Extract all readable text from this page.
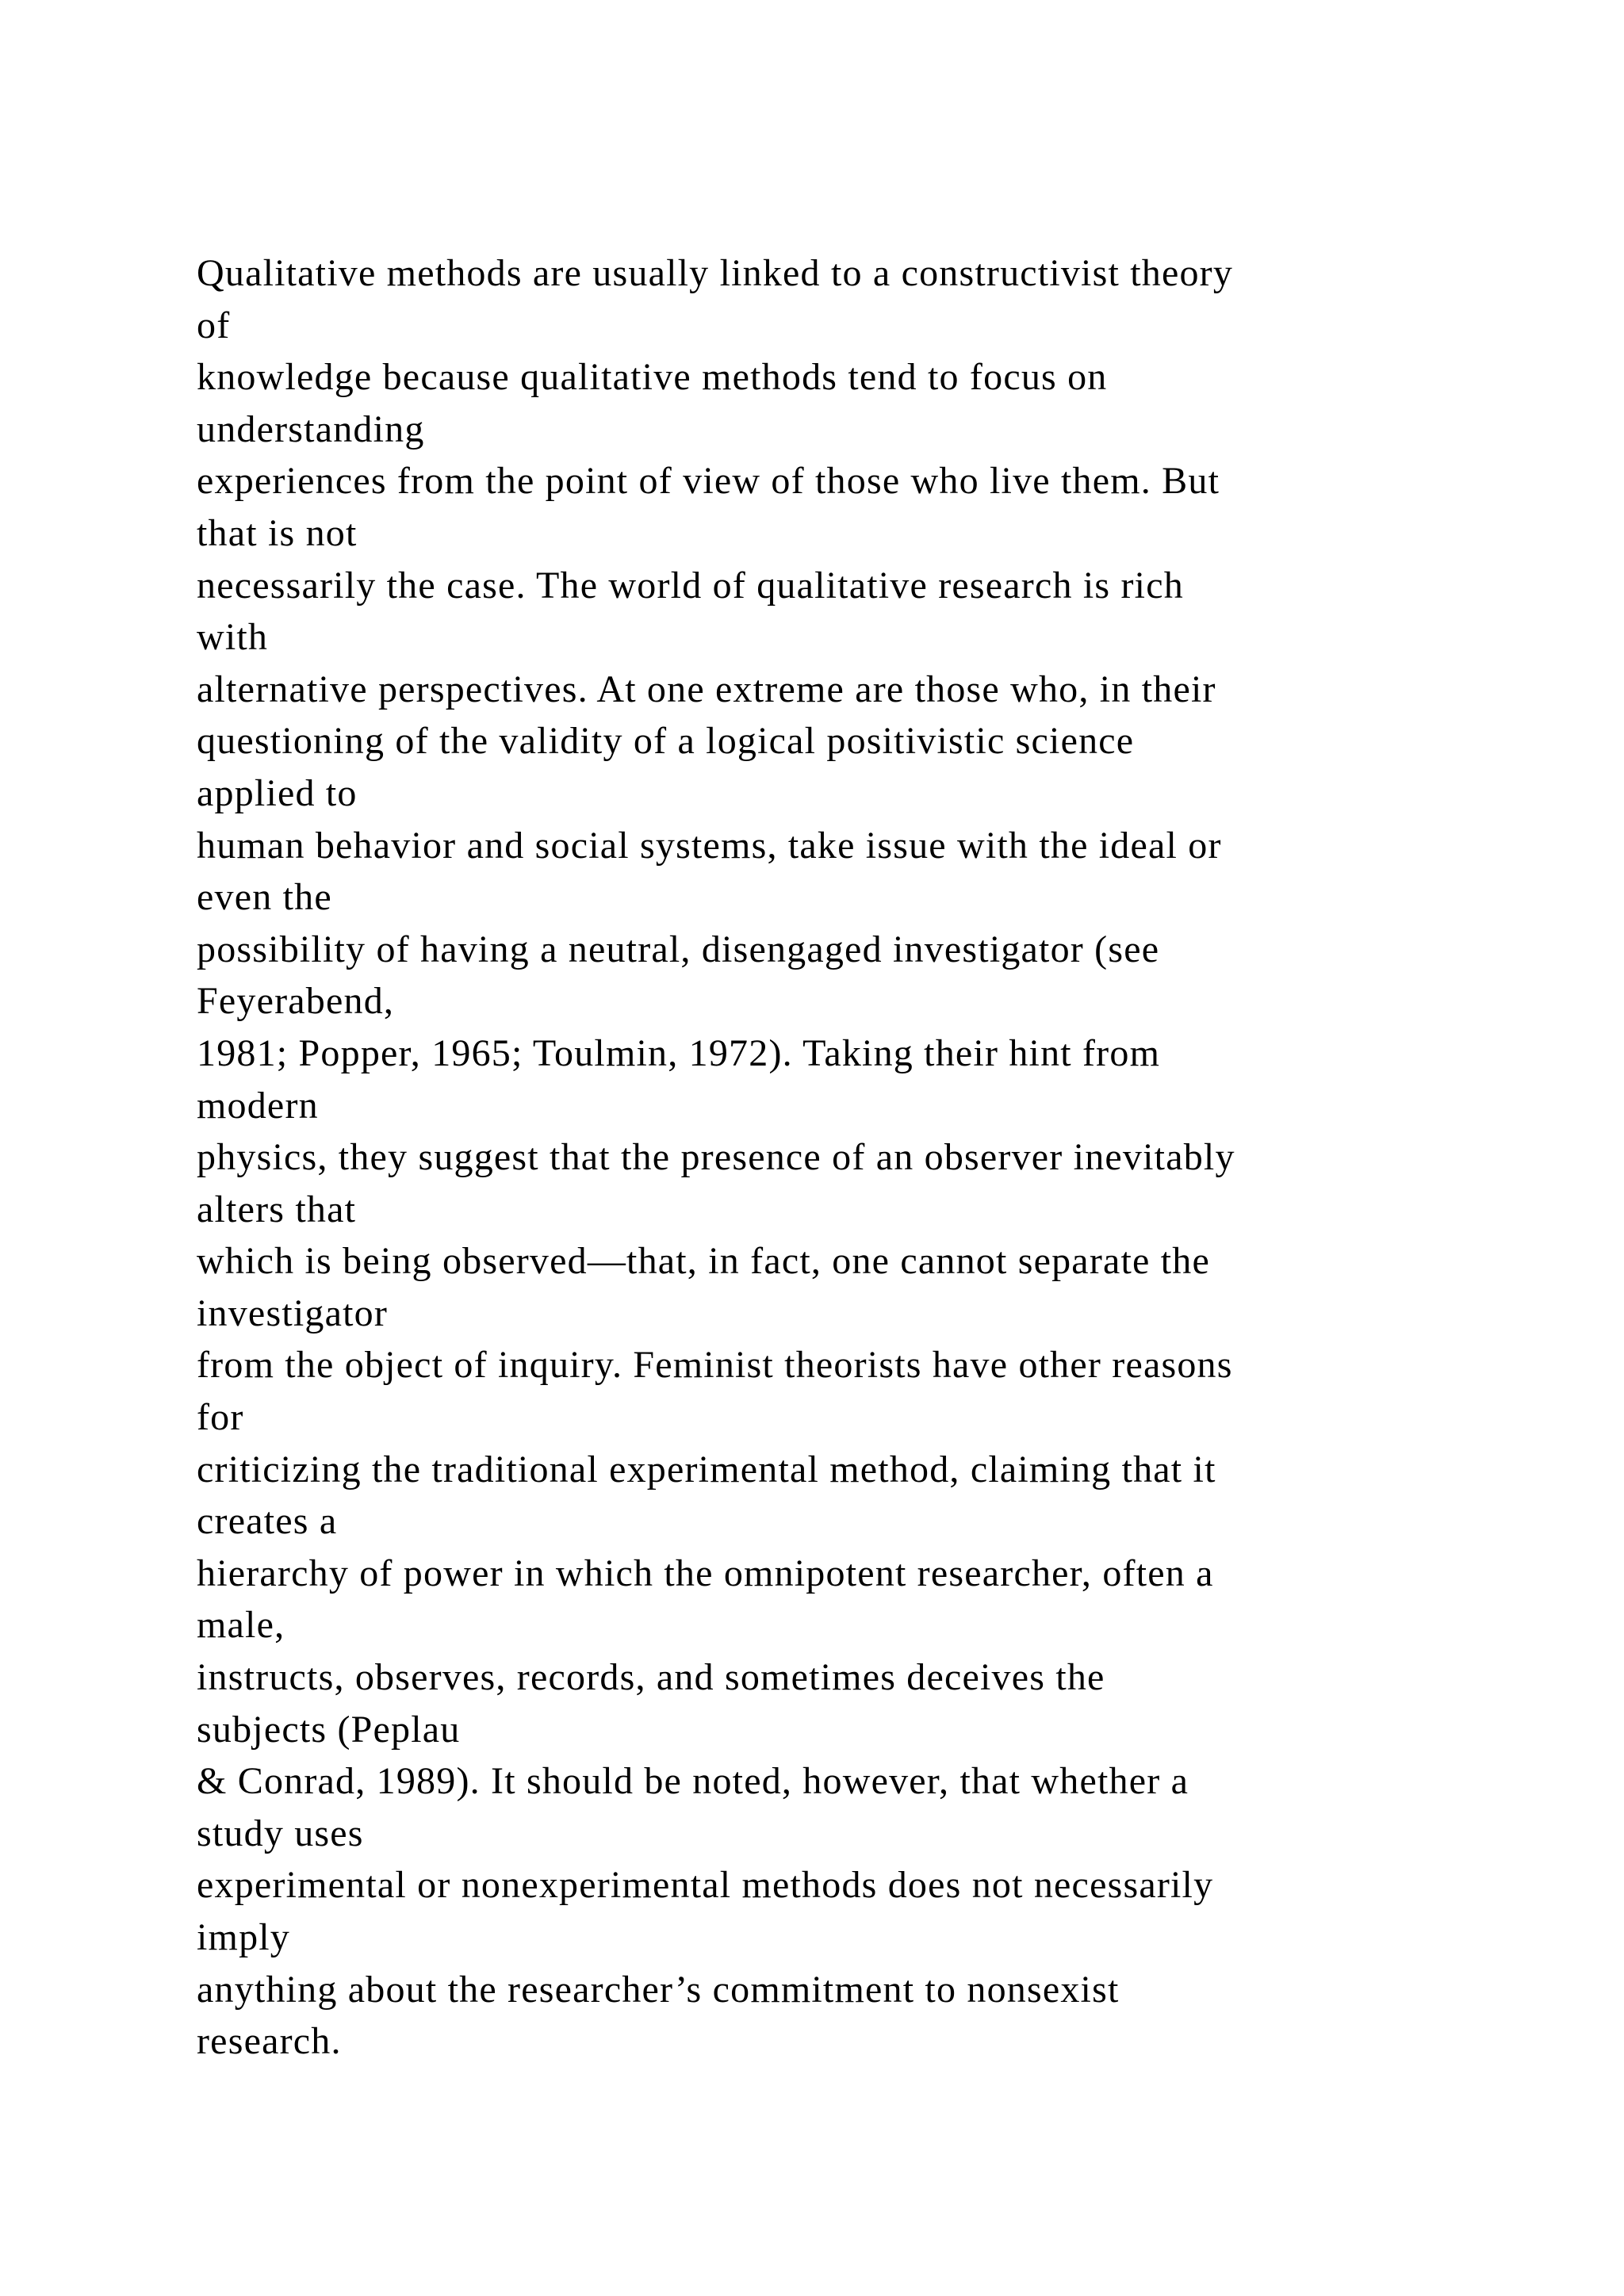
Qualitative methods are usually linked to a constructivist theory
of
knowledge because qualitative methods tend to focus on
understanding
experiences from the point of view of those who live them. But
that is not
necessarily the case. The world of qualitative research is rich
with
alternative perspectives. At one extreme are those who, in their
questioning of the validity of a logical positivistic science
applied to
human behavior and social systems, take issue with the ideal or
even the
possibility of having a neutral, disengaged investigator (see
Feyerabend,
1981; Popper, 1965; Toulmin, 1972). Taking their hint from
modern
physics, they suggest that the presence of an observer inevitably
alters that
which is being observed—that, in fact, one cannot separate the
investigator
from the object of inquiry. Feminist theorists have other reasons
for
criticizing the traditional experimental method, claiming that it
creates a
hierarchy of power in which the omnipotent researcher, often a
male,
instructs, observes, records, and sometimes deceives the
subjects (Peplau
& Conrad, 1989). It should be noted, however, that whether a
study uses
experimental or nonexperimental methods does not necessarily
imply
anything about the researcher’s commitment to nonsexist
research.
